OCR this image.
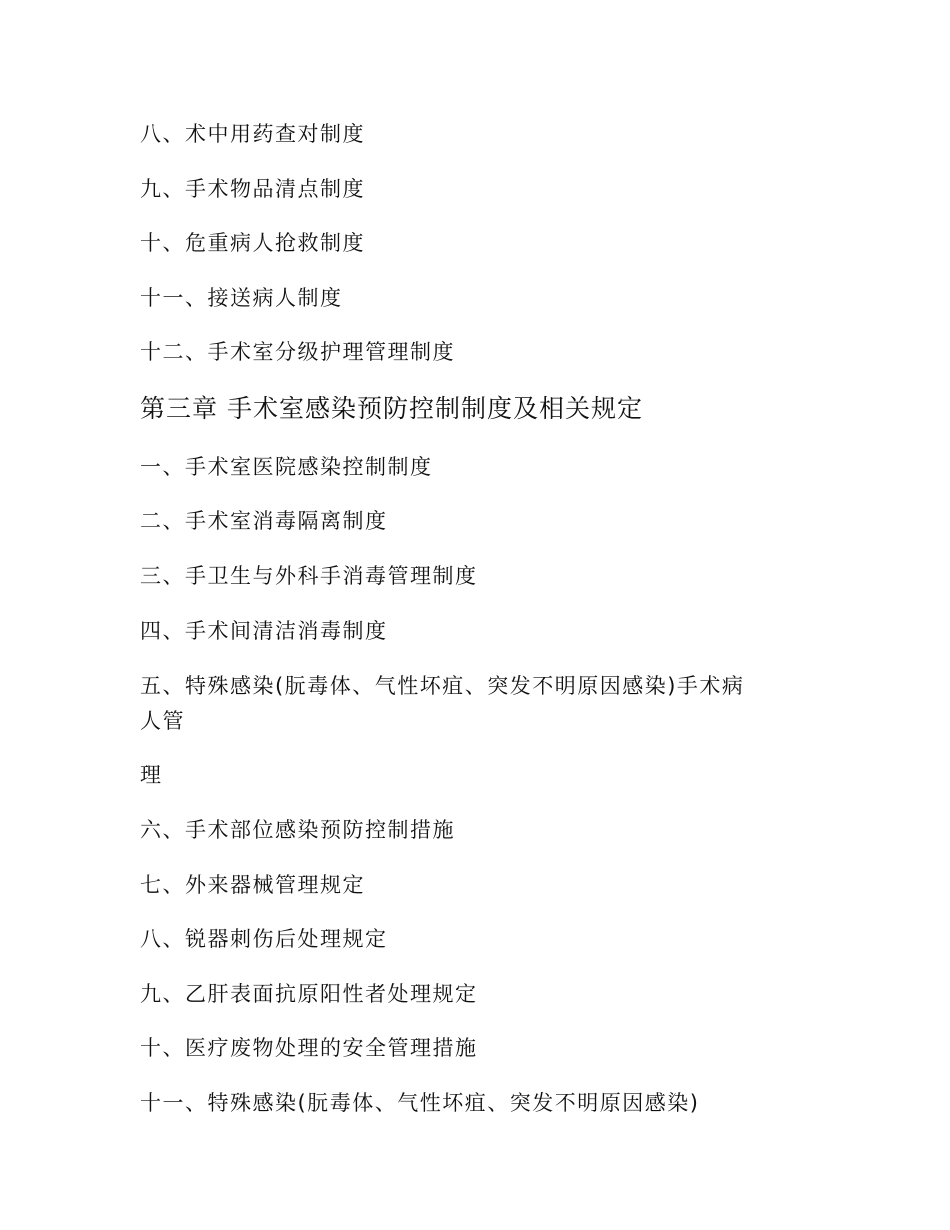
八、术中用药查对制度
九、手术物品清点制度
十、危重病人抢救制度
十一、接送病人制度
十二、手术室分级护理管理制度
第三章 手术室感染预防控制制度及相关规定
一、手术室医院感染控制制度
二、手术室消毒隔离制度
三、手卫生与外科手消毒管理制度
四、手术间清洁消毒制度
五、特殊感染(朊毒体、气性坏疽、突发不明原因感染)手术病
人管
理
六、手术部位感染预防控制措施
七、外来器械管理规定
八、锐器刺伤后处理规定
九、乙肝表面抗原阳性者处理规定
十、医疗废物处理的安全管理措施
十一、特殊感染(朊毒体、气性坏疽、突发不明原因感染)
